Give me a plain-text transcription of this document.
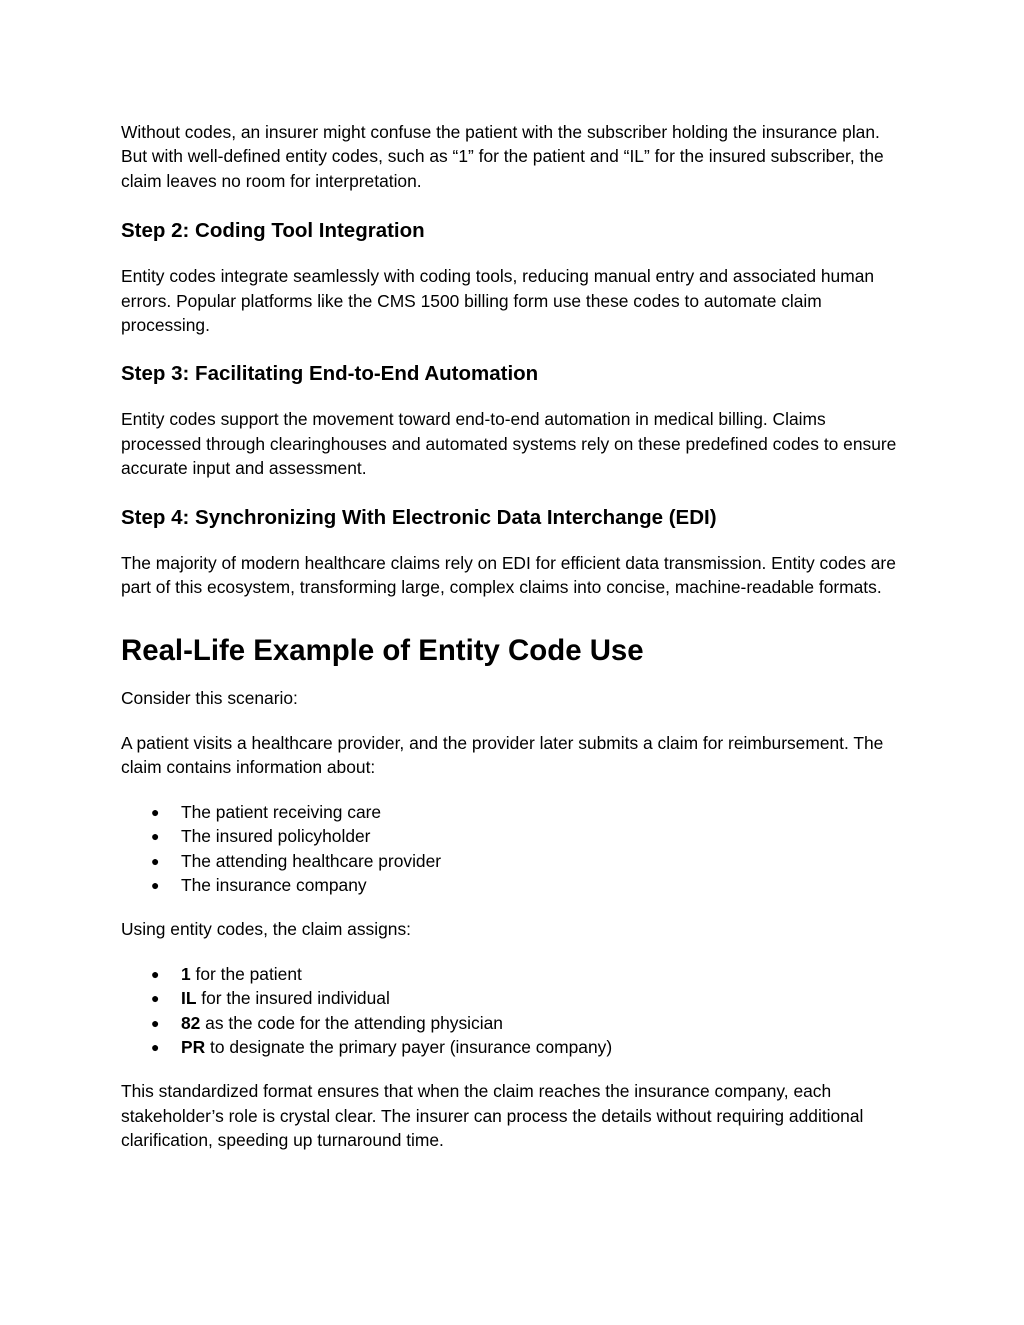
Without codes, an insurer might confuse the patient with the subscriber holding the insurance plan. But with well-defined entity codes, such as “1” for the patient and “IL” for the insured subscriber, the claim leaves no room for interpretation.

Step 2: Coding Tool Integration

Entity codes integrate seamlessly with coding tools, reducing manual entry and associated human errors. Popular platforms like the CMS 1500 billing form use these codes to automate claim processing.

Step 3: Facilitating End-to-End Automation

Entity codes support the movement toward end-to-end automation in medical billing. Claims processed through clearinghouses and automated systems rely on these predefined codes to ensure accurate input and assessment.

Step 4: Synchronizing With Electronic Data Interchange (EDI)

The majority of modern healthcare claims rely on EDI for efficient data transmission. Entity codes are part of this ecosystem, transforming large, complex claims into concise, machine-readable formats.

Real-Life Example of Entity Code Use

Consider this scenario:

A patient visits a healthcare provider, and the provider later submits a claim for reimbursement. The claim contains information about:

● The patient receiving care
● The insured policyholder
● The attending healthcare provider
● The insurance company

Using entity codes, the claim assigns:

● 1 for the patient
● IL for the insured individual
● 82 as the code for the attending physician
● PR to designate the primary payer (insurance company)

This standardized format ensures that when the claim reaches the insurance company, each stakeholder’s role is crystal clear. The insurer can process the details without requiring additional clarification, speeding up turnaround time.
